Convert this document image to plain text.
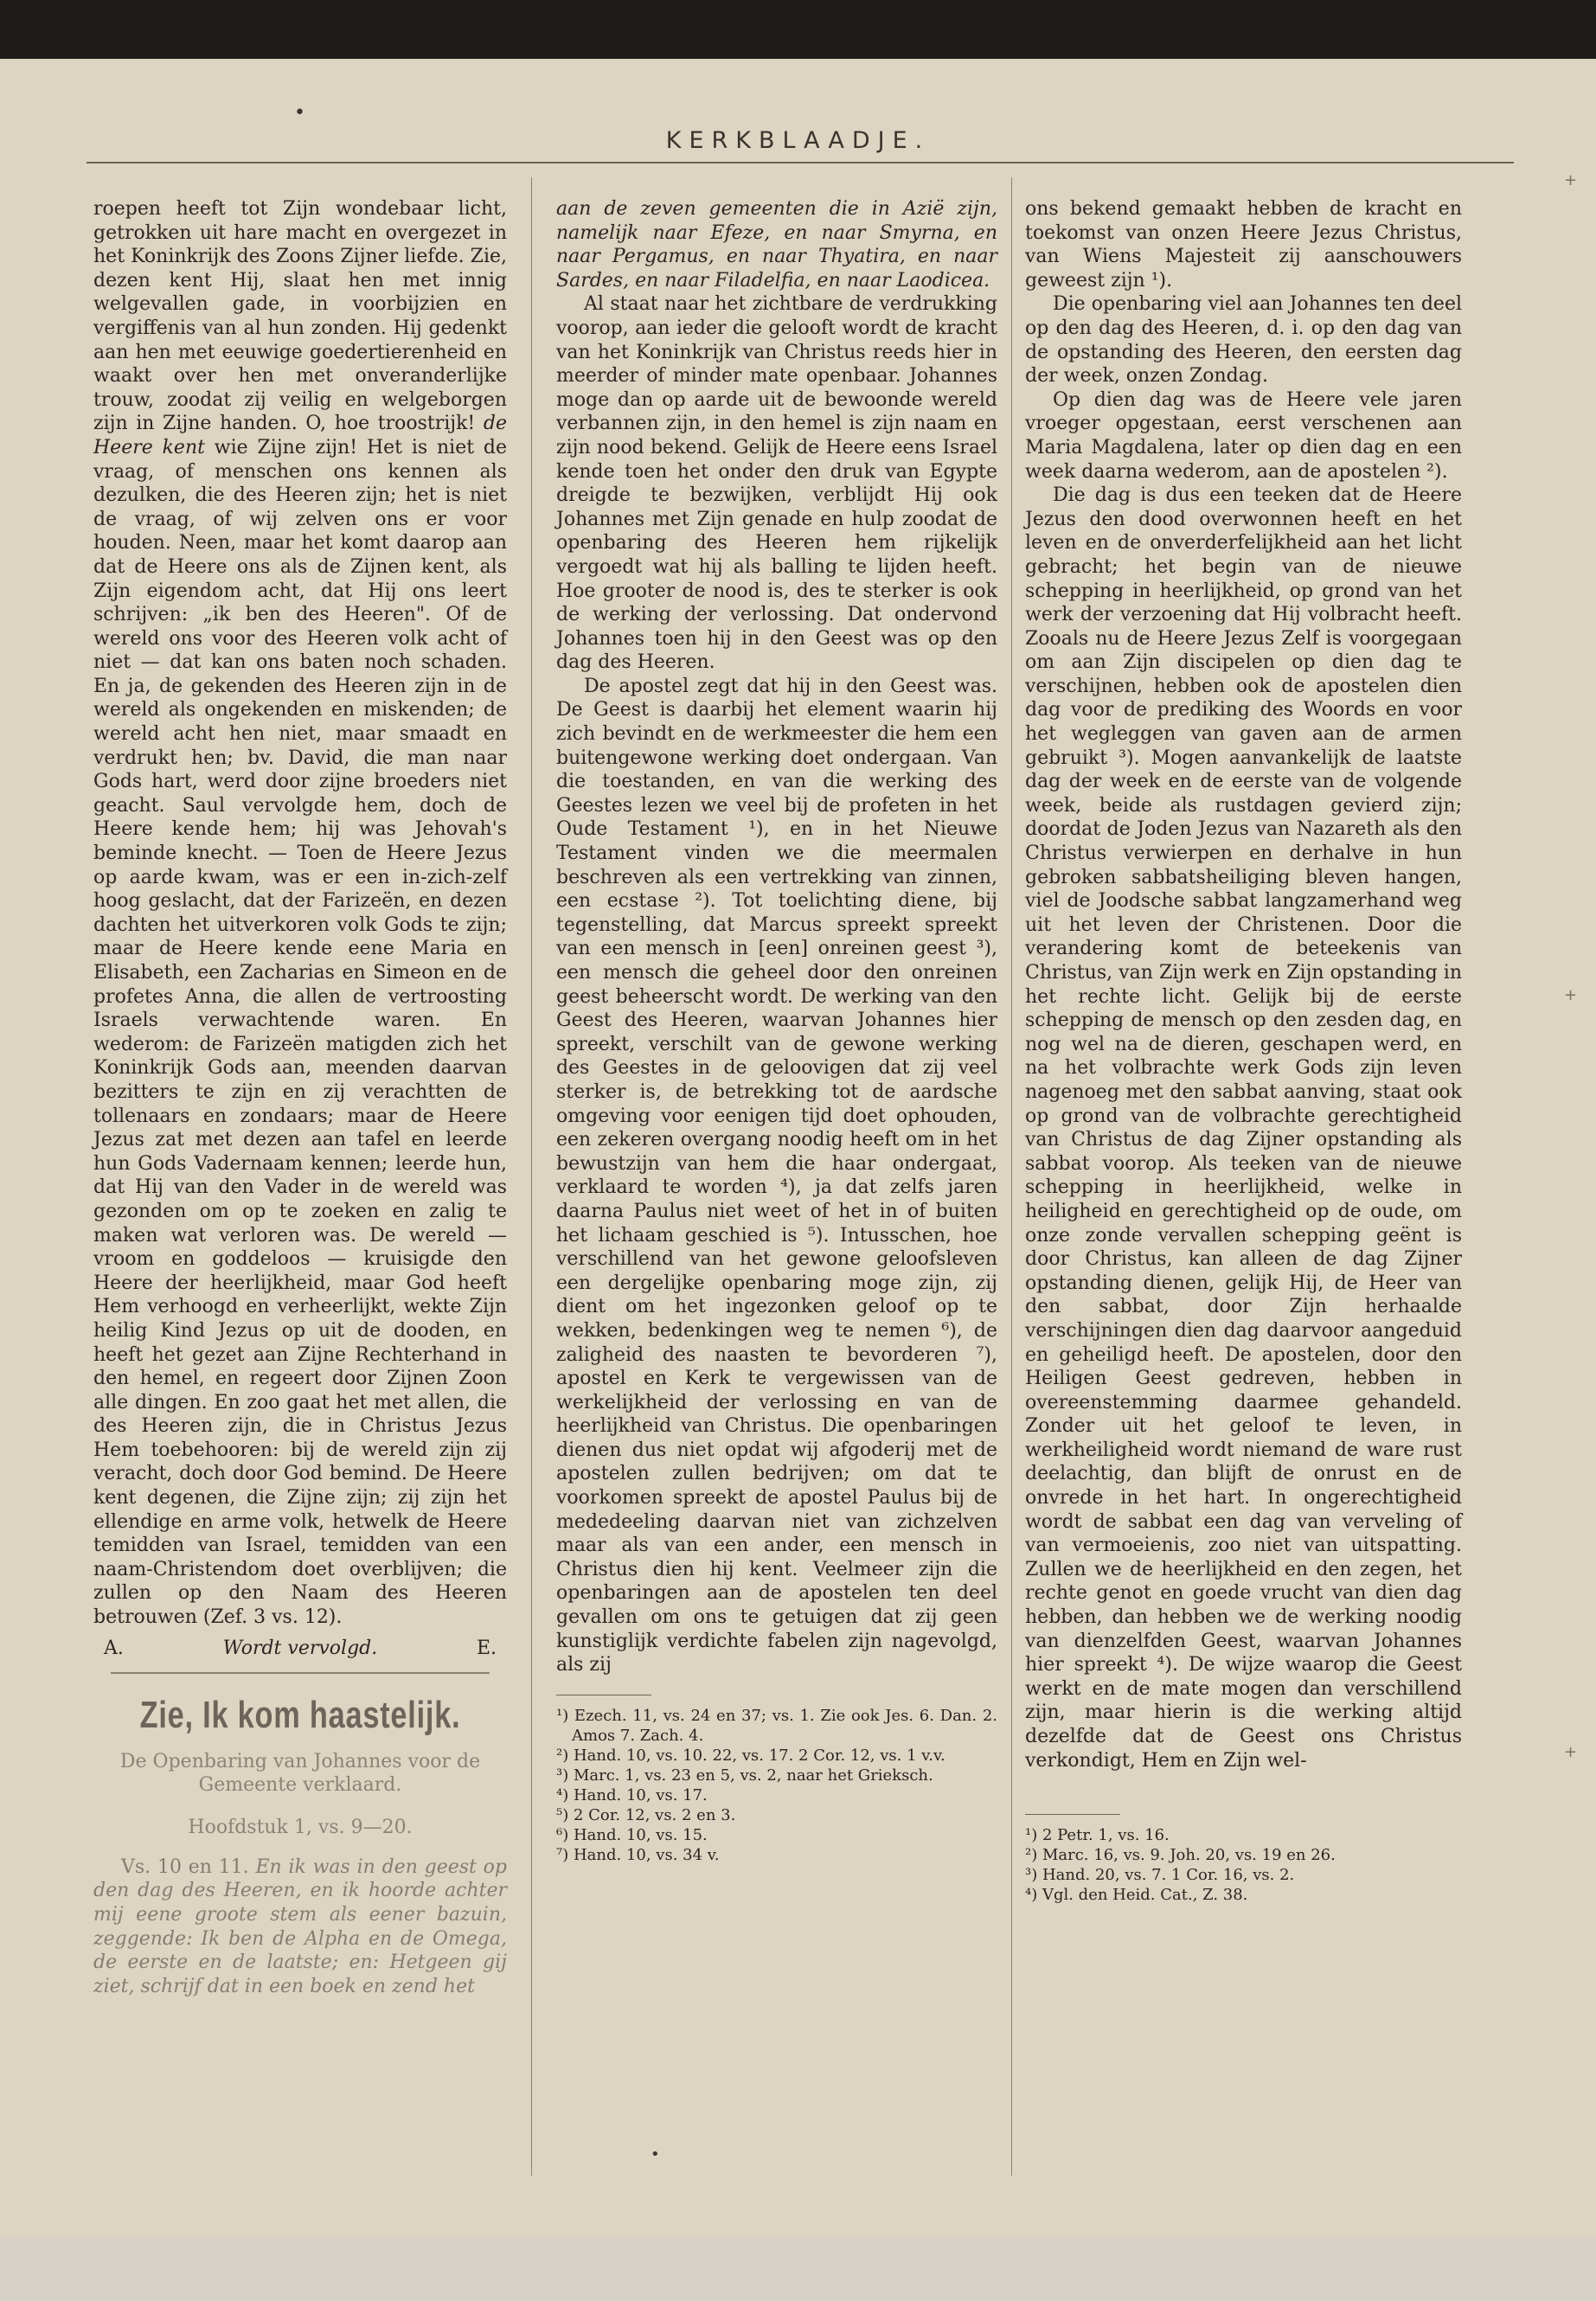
•
KERKBLAADJE.
+
+
+

roepen heeft tot Zijn wondebaar licht, getrokken uit hare macht en overgezet in het Koninkrijk des Zoons Zijner liefde. Zie, dezen kent Hij, slaat hen met innig welgevallen gade, in voorbijzien en vergiffenis van al hun zonden. Hij gedenkt aan hen met eeuwige goedertierenheid en waakt over hen met onveranderlijke trouw, zoodat zij veilig en welgeborgen zijn in Zijne handen. O, hoe troostrijk! de Heere kent wie Zijne zijn! Het is niet de vraag, of menschen ons kennen als dezulken, die des Heeren zijn; het is niet de vraag, of wij zelven ons er voor houden. Neen, maar het komt daarop aan dat de Heere ons als de Zijnen kent, als Zijn eigendom acht, dat Hij ons leert schrijven: „ik ben des Heeren". Of de wereld ons voor des Heeren volk acht of niet — dat kan ons baten noch schaden. En ja, de gekenden des Heeren zijn in de wereld als ongekenden en miskenden; de wereld acht hen niet, maar smaadt en verdrukt hen; bv. David, die man naar Gods hart, werd door zijne broeders niet geacht. Saul vervolgde hem, doch de Heere kende hem; hij was Jehovah's beminde knecht. — Toen de Heere Jezus op aarde kwam, was er een in-zich-zelf hoog geslacht, dat der Farizeën, en dezen dachten het uitverkoren volk Gods te zijn; maar de Heere kende eene Maria en Elisabeth, een Zacharias en Simeon en de profetes Anna, die allen de vertroosting Israels verwachtende waren. En wederom: de Farizeën matigden zich het Koninkrijk Gods aan, meenden daarvan bezitters te zijn en zij verachtten de tollenaars en zondaars; maar de Heere Jezus zat met dezen aan tafel en leerde hun Gods Vadernaam kennen; leerde hun, dat Hij van den Vader in de wereld was gezonden om op te zoeken en zalig te maken wat verloren was. De wereld — vroom en goddeloos — kruisigde den Heere der heerlijkheid, maar God heeft Hem verhoogd en verheerlijkt, wekte Zijn heilig Kind Jezus op uit de dooden, en heeft het gezet aan Zijne Rechterhand in den hemel, en regeert door Zijnen Zoon alle dingen. En zoo gaat het met allen, die des Heeren zijn, die in Christus Jezus Hem toebehooren: bij de wereld zijn zij veracht, doch door God bemind. De Heere kent degenen, die Zijne zijn; zij zijn het ellendige en arme volk, hetwelk de Heere temidden van Israel, temidden van een naam-Christendom doet overblijven; die zullen op den Naam des Heeren betrouwen (Zef. 3 vs. 12).

A.	Wordt vervolgd.	E.
Zie, Ik kom haastelijk.
De Openbaring van Johannes voor de Gemeente verklaard.
Hoofdstuk 1, vs. 9—20.

Vs. 10 en 11. En ik was in den geest op den dag des Heeren, en ik hoorde achter mij eene groote stem als eener bazuin, zeggende: Ik ben de Alpha en de Omega, de eerste en de laatste; en: Hetgeen gij ziet, schrijf dat in een boek en zend het

aan de zeven gemeenten die in Azië zijn, namelijk naar Efeze, en naar Smyrna, en naar Pergamus, en naar Thyatira, en naar Sardes, en naar Filadelfia, en naar Laodicea.

Al staat naar het zichtbare de verdrukking voorop, aan ieder die gelooft wordt de kracht van het Koninkrijk van Christus reeds hier in meerder of minder mate openbaar. Johannes moge dan op aarde uit de bewoonde wereld verbannen zijn, in den hemel is zijn naam en zijn nood bekend. Gelijk de Heere eens Israel kende toen het onder den druk van Egypte dreigde te bezwijken, verblijdt Hij ook Johannes met Zijn genade en hulp zoodat de openbaring des Heeren hem rijkelijk vergoedt wat hij als balling te lijden heeft. Hoe grooter de nood is, des te sterker is ook de werking der verlossing. Dat ondervond Johannes toen hij in den Geest was op den dag des Heeren.

De apostel zegt dat hij in den Geest was. De Geest is daarbij het element waarin hij zich bevindt en de werkmeester die hem een buitengewone werking doet ondergaan. Van die toestanden, en van die werking des Geestes lezen we veel bij de profeten in het Oude Testament ¹), en in het Nieuwe Testament vinden we die meermalen beschreven als een vertrekking van zinnen, een ecstase ²). Tot toelichting diene, bij tegenstelling, dat Marcus spreekt spreekt van een mensch in [een] onreinen geest ³), een mensch die geheel door den onreinen geest beheerscht wordt. De werking van den Geest des Heeren, waarvan Johannes hier spreekt, verschilt van de gewone werking des Geestes in de geloovigen dat zij veel sterker is, de betrekking tot de aardsche omgeving voor eenigen tijd doet ophouden, een zekeren overgang noodig heeft om in het bewustzijn van hem die haar ondergaat, verklaard te worden ⁴), ja dat zelfs jaren daarna Paulus niet weet of het in of buiten het lichaam geschied is ⁵). Intusschen, hoe verschillend van het gewone geloofsleven een dergelijke openbaring moge zijn, zij dient om het ingezonken geloof op te wekken, bedenkingen weg te nemen ⁶), de zaligheid des naasten te bevorderen ⁷), apostel en Kerk te vergewissen van de werkelijkheid der verlossing en van de heerlijkheid van Christus. Die openbaringen dienen dus niet opdat wij afgoderij met de apostelen zullen bedrijven; om dat te voorkomen spreekt de apostel Paulus bij de mededeeling daarvan niet van zichzelven maar als van een ander, een mensch in Christus dien hij kent. Veelmeer zijn die openbaringen aan de apostelen ten deel gevallen om ons te getuigen dat zij geen kunstiglijk verdichte fabelen zijn nagevolgd, als zij

¹) Ezech. 11, vs. 24 en 37; vs. 1. Zie ook Jes. 6. Dan. 2. Amos 7. Zach. 4.
²) Hand. 10, vs. 10. 22, vs. 17. 2 Cor. 12, vs. 1 v.v.
³) Marc. 1, vs. 23 en 5, vs. 2, naar het Grieksch.
⁴) Hand. 10, vs. 17.
⁵) 2 Cor. 12, vs. 2 en 3.
⁶) Hand. 10, vs. 15.
⁷) Hand. 10, vs. 34 v.

ons bekend gemaakt hebben de kracht en toekomst van onzen Heere Jezus Christus, van Wiens Majesteit zij aanschouwers geweest zijn ¹).

Die openbaring viel aan Johannes ten deel op den dag des Heeren, d. i. op den dag van de opstanding des Heeren, den eersten dag der week, onzen Zondag.

Op dien dag was de Heere vele jaren vroeger opgestaan, eerst verschenen aan Maria Magdalena, later op dien dag en een week daarna wederom, aan de apostelen ²).

Die dag is dus een teeken dat de Heere Jezus den dood overwonnen heeft en het leven en de onverderfelijkheid aan het licht gebracht; het begin van de nieuwe schepping in heerlijkheid, op grond van het werk der verzoening dat Hij volbracht heeft. Zooals nu de Heere Jezus Zelf is voorgegaan om aan Zijn discipelen op dien dag te verschijnen, hebben ook de apostelen dien dag voor de prediking des Woords en voor het wegleggen van gaven aan de armen gebruikt ³). Mogen aanvankelijk de laatste dag der week en de eerste van de volgende week, beide als rustdagen gevierd zijn; doordat de Joden Jezus van Nazareth als den Christus verwierpen en derhalve in hun gebroken sabbatsheiliging bleven hangen, viel de Joodsche sabbat langzamerhand weg uit het leven der Christenen. Door die verandering komt de beteekenis van Christus, van Zijn werk en Zijn opstanding in het rechte licht. Gelijk bij de eerste schepping de mensch op den zesden dag, en nog wel na de dieren, geschapen werd, en na het volbrachte werk Gods zijn leven nagenoeg met den sabbat aanving, staat ook op grond van de volbrachte gerechtigheid van Christus de dag Zijner opstanding als sabbat voorop. Als teeken van de nieuwe schepping in heerlijkheid, welke in heiligheid en gerechtigheid op de oude, om onze zonde vervallen schepping geënt is door Christus, kan alleen de dag Zijner opstanding dienen, gelijk Hij, de Heer van den sabbat, door Zijn herhaalde verschijningen dien dag daarvoor aangeduid en geheiligd heeft. De apostelen, door den Heiligen Geest gedreven, hebben in overeenstemming daarmee gehandeld. Zonder uit het geloof te leven, in werkheiligheid wordt niemand de ware rust deelachtig, dan blijft de onrust en de onvrede in het hart. In ongerechtigheid wordt de sabbat een dag van verveling of van vermoeienis, zoo niet van uitspatting. Zullen we de heerlijkheid en den zegen, het rechte genot en goede vrucht van dien dag hebben, dan hebben we de werking noodig van dienzelfden Geest, waarvan Johannes hier spreekt ⁴). De wijze waarop die Geest werkt en de mate mogen dan verschillend zijn, maar hierin is die werking altijd dezelfde dat de Geest ons Christus verkondigt, Hem en Zijn wel-

¹) 2 Petr. 1, vs. 16.
²) Marc. 16, vs. 9. Joh. 20, vs. 19 en 26.
³) Hand. 20, vs. 7. 1 Cor. 16, vs. 2.
⁴) Vgl. den Heid. Cat., Z. 38.
•
